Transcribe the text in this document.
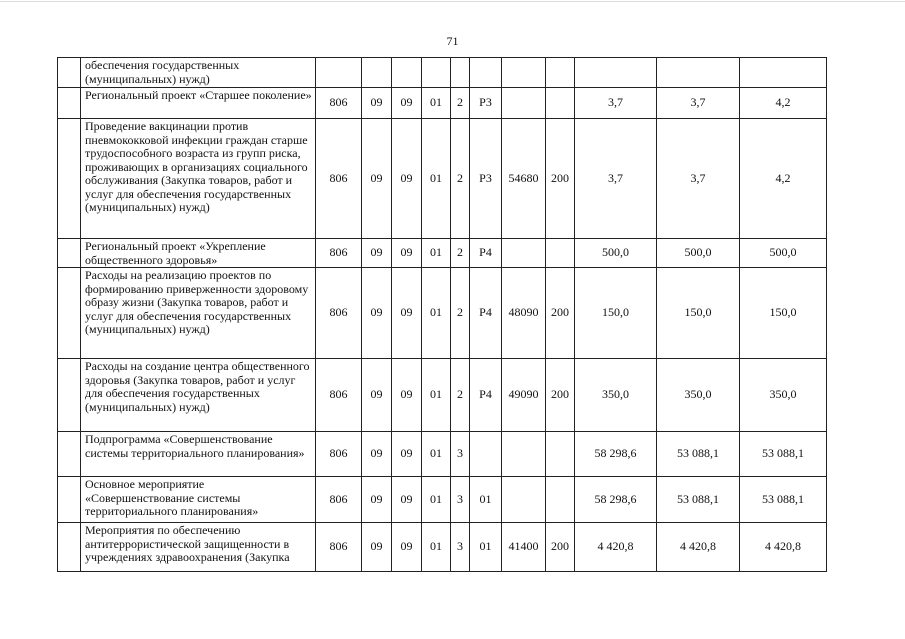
71
	обеспечения государственных (муниципальных) нужд)											
	Региональный проект «Старшее поколение»	806	09	09	01	2	Р3			3,7	3,7	4,2
	Проведение вакцинации против пневмококковой инфекции граждан старше трудоспособного возраста из групп риска, проживающих в организациях социального обслуживания (Закупка товаров, работ и услуг для обеспечения государственных (муниципальных) нужд)	806	09	09	01	2	Р3	54680	200	3,7	3,7	4,2
	Региональный проект «Укрепление общественного здоровья»	806	09	09	01	2	Р4			500,0	500,0	500,0
	Расходы на реализацию проектов по формированию приверженности здоровому образу жизни (Закупка товаров, работ и услуг для обеспечения государственных (муниципальных) нужд)	806	09	09	01	2	Р4	48090	200	150,0	150,0	150,0
	Расходы на создание центра общественного здоровья (Закупка товаров, работ и услуг для обеспечения государственных (муниципальных) нужд)	806	09	09	01	2	Р4	49090	200	350,0	350,0	350,0
	Подпрограмма «Совершенствование системы территориального планирования»	806	09	09	01	3				58 298,6	53 088,1	53 088,1
	Основное мероприятие «Совершенствование системы территориального планирования»	806	09	09	01	3	01			58 298,6	53 088,1	53 088,1
	Мероприятия по обеспечению антитеррористической защищенности в учреждениях здравоохранения (Закупка	806	09	09	01	3	01	41400	200	4 420,8	4 420,8	4 420,8
